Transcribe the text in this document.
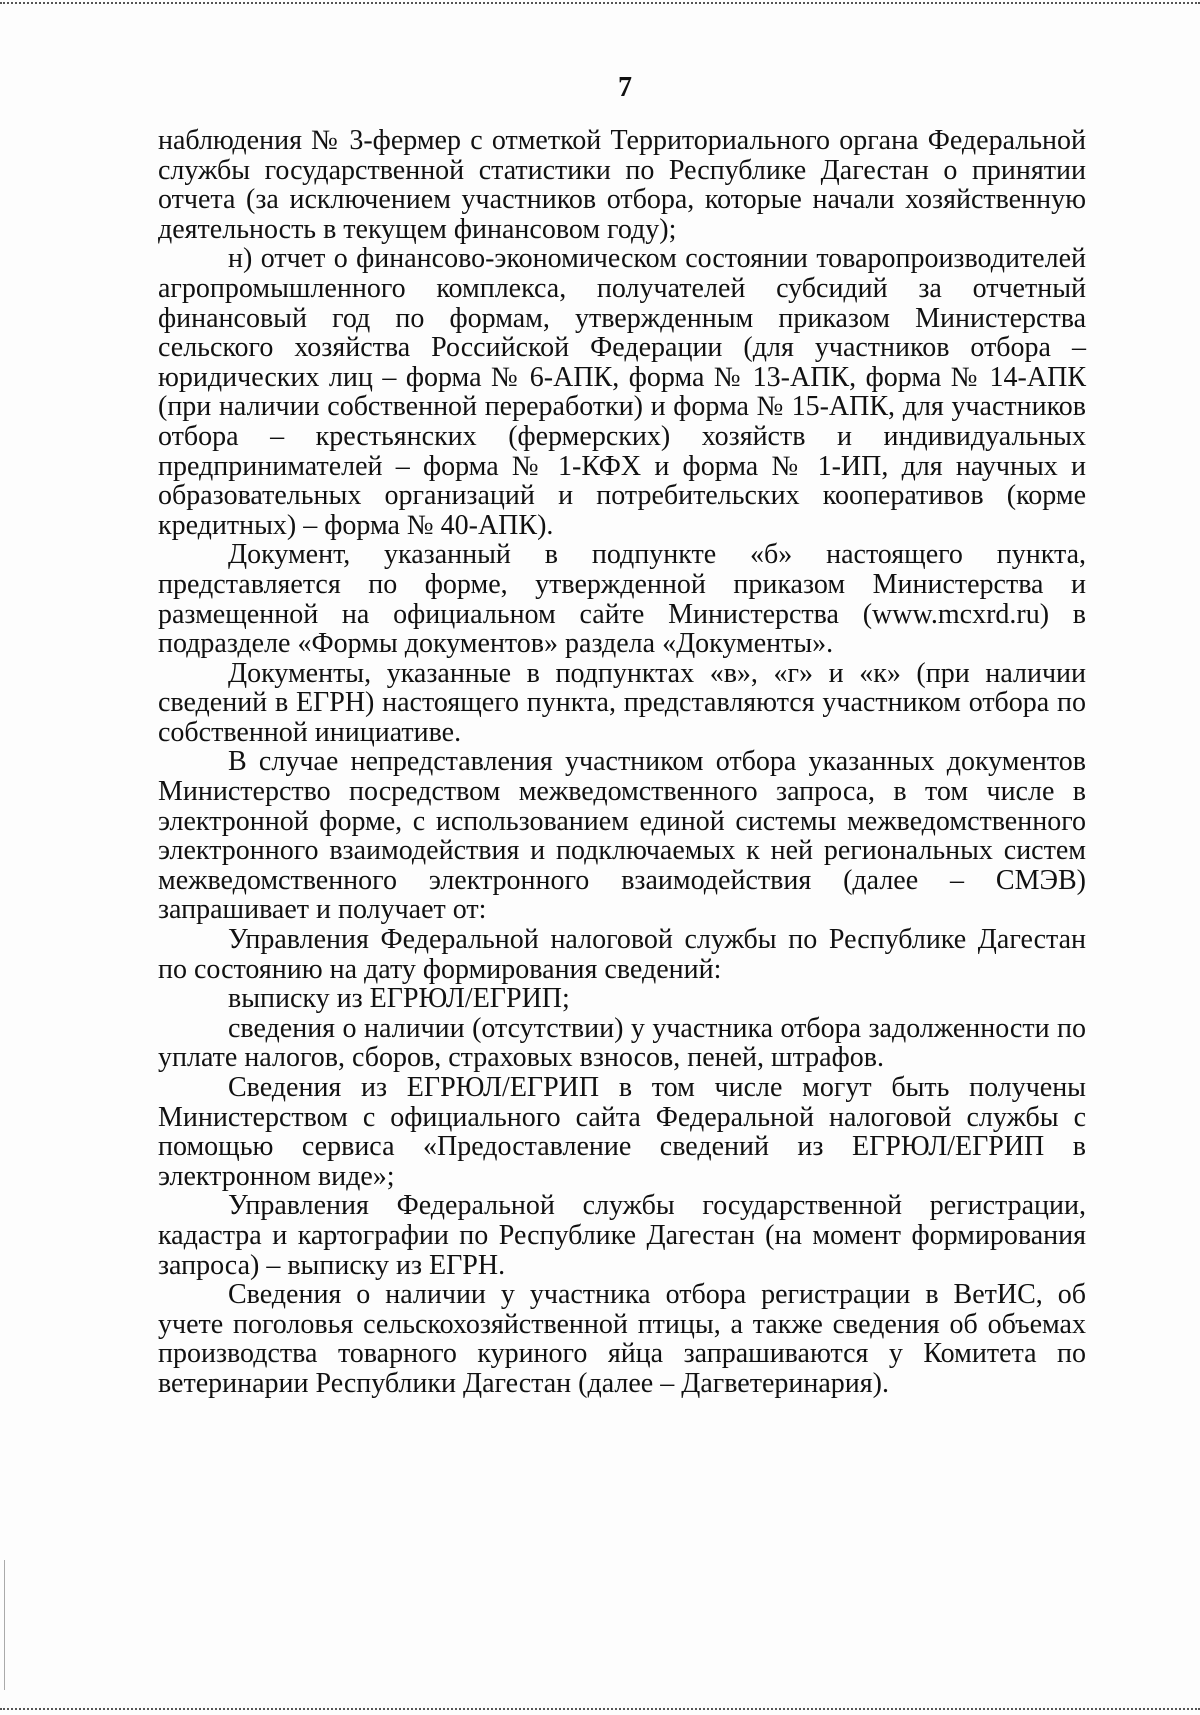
7

наблюдения № 3-фермер с отметкой Территориального органа Федеральной службы государственной статистики по Республике Дагестан о принятии отчета (за исключением участников отбора, которые начали хозяйственную деятельность в текущем финансовом году);

н) отчет о финансово-экономическом состоянии товаропроизводителей агропромышленного комплекса, получателей субсидий за отчетный финансовый год по формам, утвержденным приказом Министерства сельского хозяйства Российской Федерации (для участников отбора – юридических лиц – форма № 6-АПК, форма № 13-АПК, форма № 14-АПК (при наличии собственной переработки) и форма № 15-АПК, для участников отбора – крестьянских (фермерских) хозяйств и индивидуальных предпринимателей – форма № 1-КФХ и форма № 1-ИП, для научных и образовательных организаций и потребительских кооперативов (корме кредитных) – форма № 40-АПК).

Документ, указанный в подпункте «б» настоящего пункта, представляется по форме, утвержденной приказом Министерства и размещенной на официальном сайте Министерства (www.mcxrd.ru) в подразделе «Формы документов» раздела «Документы».

Документы, указанные в подпунктах «в», «г» и «к» (при наличии сведений в ЕГРН) настоящего пункта, представляются участником отбора по собственной инициативе.

В случае непредставления участником отбора указанных документов Министерство посредством межведомственного запроса, в том числе в электронной форме, с использованием единой системы межведомственного электронного взаимодействия и подключаемых к ней региональных систем межведомственного электронного взаимодействия (далее – СМЭВ) запрашивает и получает от:

Управления Федеральной налоговой службы по Республике Дагестан по состоянию на дату формирования сведений:

выписку из ЕГРЮЛ/ЕГРИП;

сведения о наличии (отсутствии) у участника отбора задолженности по уплате налогов, сборов, страховых взносов, пеней, штрафов.

Сведения из ЕГРЮЛ/ЕГРИП в том числе могут быть получены Министерством с официального сайта Федеральной налоговой службы с помощью сервиса «Предоставление сведений из ЕГРЮЛ/ЕГРИП в электронном виде»;

Управления Федеральной службы государственной регистрации, кадастра и картографии по Республике Дагестан (на момент формирования запроса) – выписку из ЕГРН.

Сведения о наличии у участника отбора регистрации в ВетИС, об учете поголовья сельскохозяйственной птицы, а также сведения об объемах производства товарного куриного яйца запрашиваются у Комитета по ветеринарии Республики Дагестан (далее – Дагветеринария).
